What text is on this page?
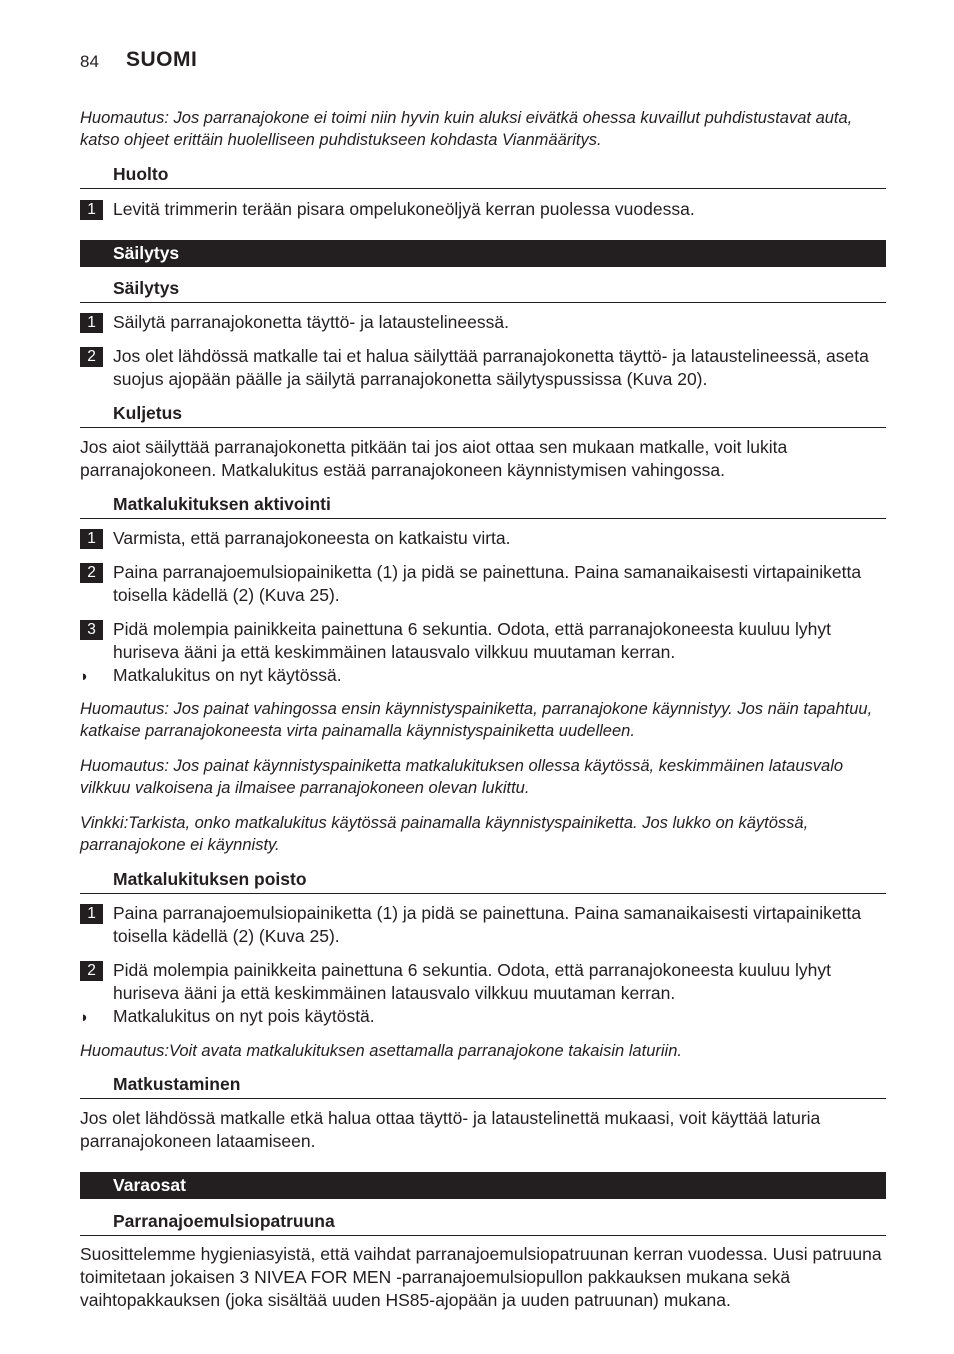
84 SUOMI
Huomautus: Jos parranajokone ei toimi niin hyvin kuin aluksi eivätkä ohessa kuvaillut puhdistustavat auta, katso ohjeet erittäin huolelliseen puhdistukseen kohdasta Vianmääritys.
Huolto
1 Levitä trimmerin terään pisara ompelukoneöljyä kerran puolessa vuodessa.
Säilytys
Säilytys
1 Säilytä parranajokonetta täyttö- ja lataustelineessä.
2 Jos olet lähdössä matkalle tai et halua säilyttää parranajokonetta täyttö- ja lataustelineessä, aseta suojus ajopään päälle ja säilytä parranajokonetta säilytyspussissa (Kuva 20).
Kuljetus
Jos aiot säilyttää parranajokonetta pitkään tai jos aiot ottaa sen mukaan matkalle, voit lukita parranajokoneen. Matkalukitus estää parranajokoneen käynnistymisen vahingossa.
Matkalukituksen aktivointi
1 Varmista, että parranajokoneesta on katkaistu virta.
2 Paina parranajoemulsiopainiketta (1) ja pidä se painettuna. Paina samanaikaisesti virtapainiketta toisella kädellä (2) (Kuva 25).
3 Pidä molempia painikkeita painettuna 6 sekuntia. Odota, että parranajokoneesta kuuluu lyhyt huriseva ääni ja että keskimmäinen latausvalo vilkkuu muutaman kerran.
◗ Matkalukitus on nyt käytössä.
Huomautus: Jos painat vahingossa ensin käynnistyspainiketta, parranajokone käynnistyy. Jos näin tapahtuu, katkaise parranajokoneesta virta painamalla käynnistyspainiketta uudelleen.
Huomautus: Jos painat käynnistyspainiketta matkalukituksen ollessa käytössä, keskimmäinen latausvalo vilkkuu valkoisena ja ilmaisee parranajokoneen olevan lukittu.
Vinkki:Tarkista, onko matkalukitus käytössä painamalla käynnistyspainiketta. Jos lukko on käytössä, parranajokone ei käynnisty.
Matkalukituksen poisto
1 Paina parranajoemulsiopainiketta (1) ja pidä se painettuna. Paina samanaikaisesti virtapainiketta toisella kädellä (2) (Kuva 25).
2 Pidä molempia painikkeita painettuna 6 sekuntia. Odota, että parranajokoneesta kuuluu lyhyt huriseva ääni ja että keskimmäinen latausvalo vilkkuu muutaman kerran.
◗ Matkalukitus on nyt pois käytöstä.
Huomautus:Voit avata matkalukituksen asettamalla parranajokone takaisin laturiin.
Matkustaminen
Jos olet lähdössä matkalle etkä halua ottaa täyttö- ja lataustelinettä mukaasi, voit käyttää laturia parranajokoneen lataamiseen.
Varaosat
Parranajoemulsiopatruuna
Suosittelemme hygieniasyistä, että vaihdat parranajoemulsiopatruunan kerran vuodessa. Uusi patruuna toimitetaan jokaisen 3 NIVEA FOR MEN -parranajoemulsiopullon pakkauksen mukana sekä vaihtopakkauksen (joka sisältää uuden HS85-ajopään ja uuden patruunan) mukana.
